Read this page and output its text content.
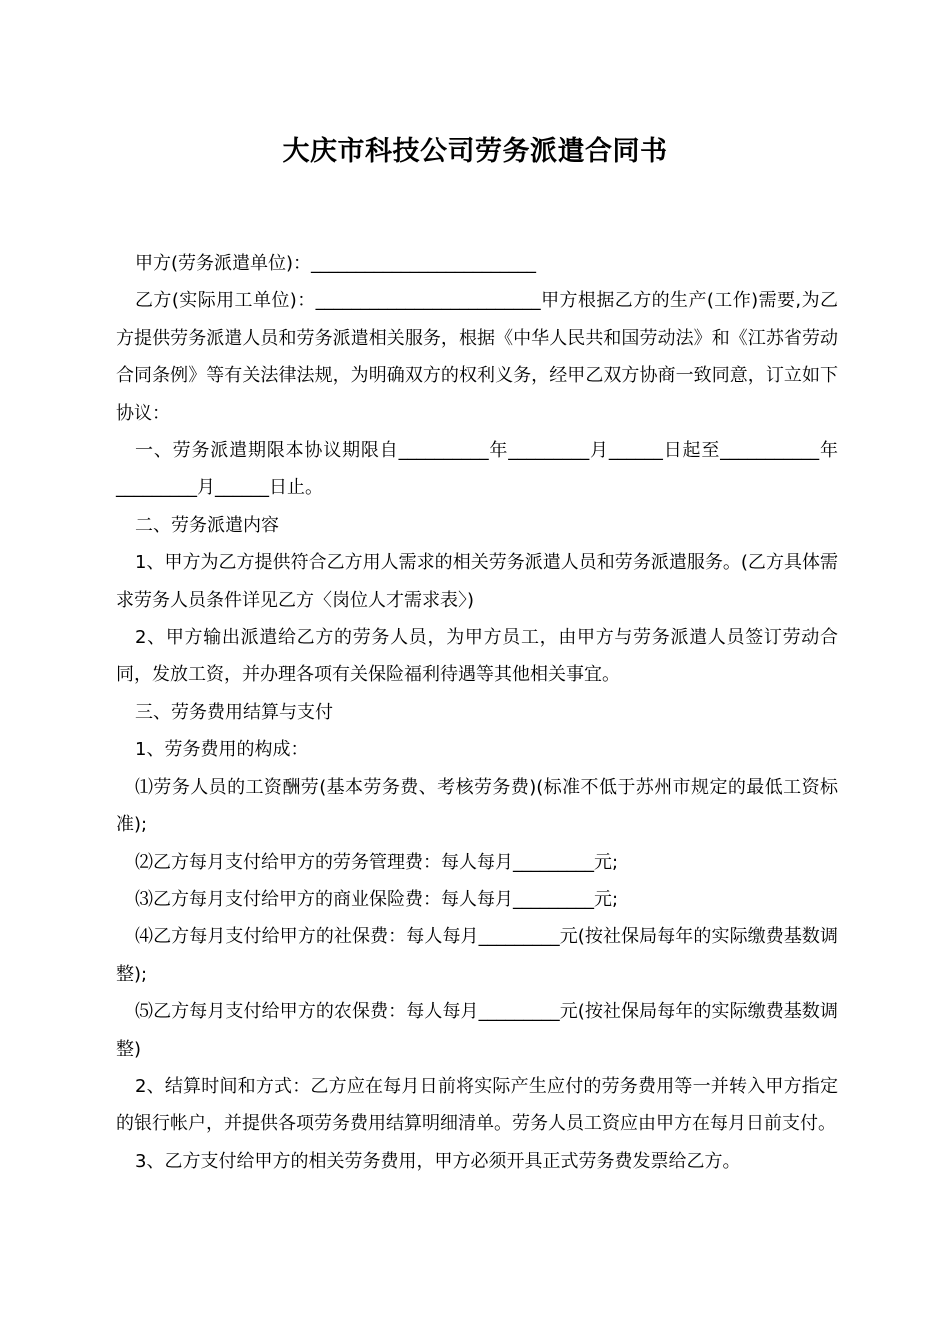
大庆市科技公司劳务派遣合同书

甲方(劳务派遣单位)：_________________________

乙方(实际用工单位)：_________________________甲方根据乙方的生产(工作)需要,为乙方提供劳务派遣人员和劳务派遣相关服务，根据《中华人民共和国劳动法》和《江苏省劳动合同条例》等有关法律法规，为明确双方的权利义务，经甲乙双方协商一致同意，订立如下协议：

一、劳务派遣期限本协议期限自__________年_________月______日起至___________年_________月______日止。

二、劳务派遣内容

1、甲方为乙方提供符合乙方用人需求的相关劳务派遣人员和劳务派遣服务。(乙方具体需求劳务人员条件详见乙方〈岗位人才需求表〉)

2、甲方输出派遣给乙方的劳务人员，为甲方员工，由甲方与劳务派遣人员签订劳动合同，发放工资，并办理各项有关保险福利待遇等其他相关事宜。

三、劳务费用结算与支付

1、劳务费用的构成：

⑴劳务人员的工资酬劳(基本劳务费、考核劳务费)(标准不低于苏州市规定的最低工资标准);

⑵乙方每月支付给甲方的劳务管理费：每人每月_________元;

⑶乙方每月支付给甲方的商业保险费：每人每月_________元;

⑷乙方每月支付给甲方的社保费：每人每月_________元(按社保局每年的实际缴费基数调整);

⑸乙方每月支付给甲方的农保费：每人每月_________元(按社保局每年的实际缴费基数调整)

2、结算时间和方式：乙方应在每月日前将实际产生应付的劳务费用等一并转入甲方指定的银行帐户，并提供各项劳务费用结算明细清单。劳务人员工资应由甲方在每月日前支付。

3、乙方支付给甲方的相关劳务费用，甲方必须开具正式劳务费发票给乙方。
